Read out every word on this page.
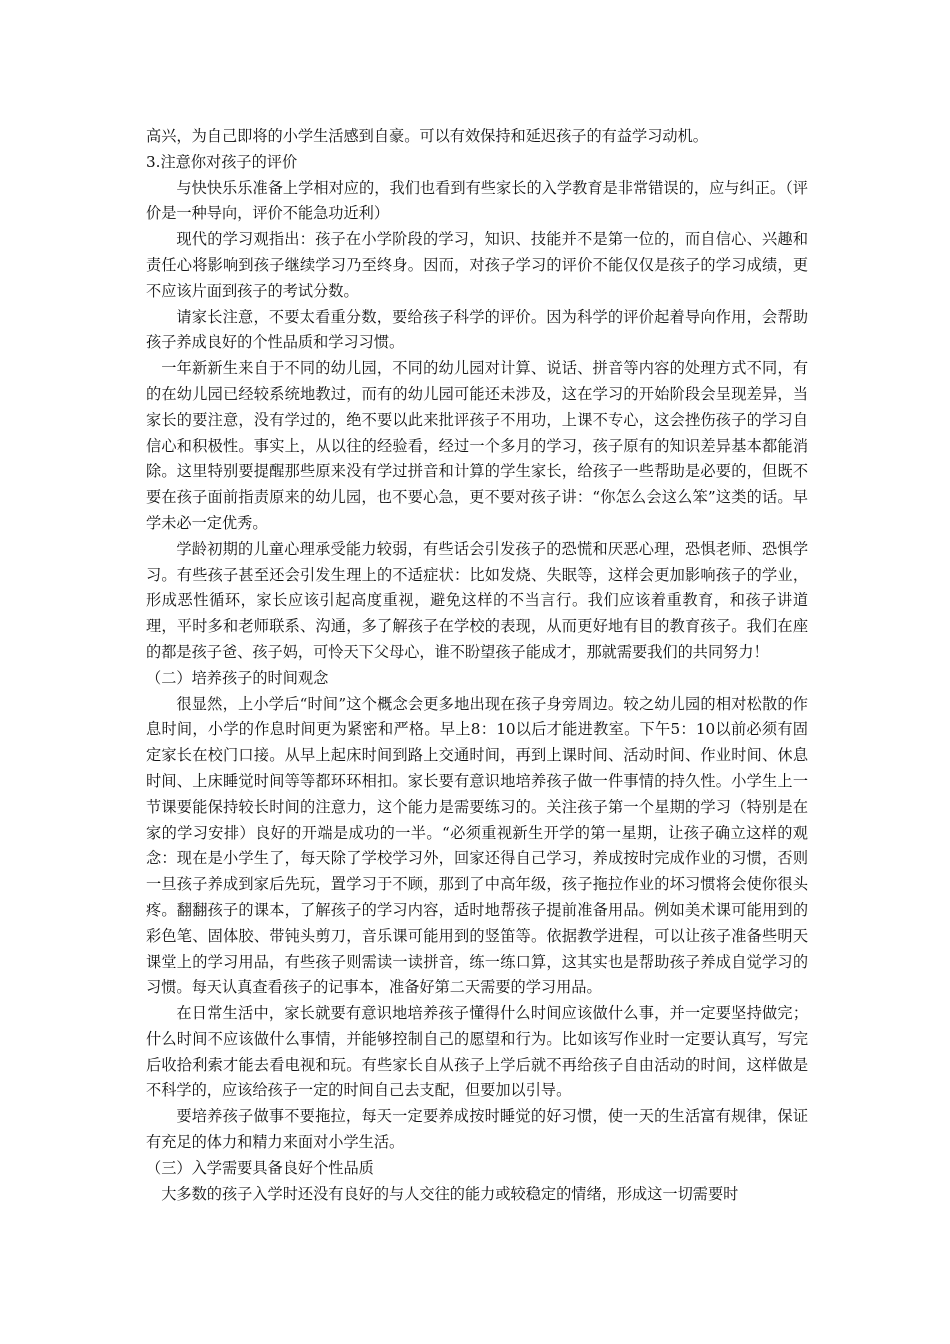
高兴，为自己即将的小学生活感到自豪。可以有效保持和延迟孩子的有益学习动机。

3.注意你对孩子的评价

与快快乐乐准备上学相对应的，我们也看到有些家长的入学教育是非常错误的，应与纠正。（评价是一种导向，评价不能急功近利）

现代的学习观指出：孩子在小学阶段的学习，知识、技能并不是第一位的，而自信心、兴趣和责任心将影响到孩子继续学习乃至终身。因而，对孩子学习的评价不能仅仅是孩子的学习成绩，更不应该片面到孩子的考试分数。

请家长注意，不要太看重分数，要给孩子科学的评价。因为科学的评价起着导向作用，会帮助孩子养成良好的个性品质和学习习惯。

一年新新生来自于不同的幼儿园，不同的幼儿园对计算、说话、拼音等内容的处理方式不同，有的在幼儿园已经较系统地教过，而有的幼儿园可能还未涉及，这在学习的开始阶段会呈现差异，当家长的要注意，没有学过的，绝不要以此来批评孩子不用功，上课不专心，这会挫伤孩子的学习自信心和积极性。事实上，从以往的经验看，经过一个多月的学习，孩子原有的知识差异基本都能消除。这里特别要提醒那些原来没有学过拼音和计算的学生家长，给孩子一些帮助是必要的，但既不要在孩子面前指责原来的幼儿园，也不要心急，更不要对孩子讲：“你怎么会这么笨”这类的话。早学未必一定优秀。

学龄初期的儿童心理承受能力较弱，有些话会引发孩子的恐慌和厌恶心理，恐惧老师、恐惧学习。有些孩子甚至还会引发生理上的不适症状：比如发烧、失眠等，这样会更加影响孩子的学业，形成恶性循环，家长应该引起高度重视，避免这样的不当言行。我们应该着重教育，和孩子讲道理，平时多和老师联系、沟通，多了解孩子在学校的表现，从而更好地有目的教育孩子。我们在座的都是孩子爸、孩子妈，可怜天下父母心，谁不盼望孩子能成才，那就需要我们的共同努力！

（二）培养孩子的时间观念

很显然，上小学后“时间”这个概念会更多地出现在孩子身旁周边。较之幼儿园的相对松散的作息时间，小学的作息时间更为紧密和严格。早上8：10以后才能进教室。下午5：10以前必须有固定家长在校门口接。从早上起床时间到路上交通时间，再到上课时间、活动时间、作业时间、休息时间、上床睡觉时间等等都环环相扣。家长要有意识地培养孩子做一件事情的持久性。小学生上一节课要能保持较长时间的注意力，这个能力是需要练习的。关注孩子第一个星期的学习（特别是在家的学习安排）良好的开端是成功的一半。“必须重视新生开学的第一星期，让孩子确立这样的观念：现在是小学生了，每天除了学校学习外，回家还得自己学习，养成按时完成作业的习惯，否则一旦孩子养成到家后先玩，置学习于不顾，那到了中高年级，孩子拖拉作业的坏习惯将会使你很头疼。翻翻孩子的课本，了解孩子的学习内容，适时地帮孩子提前准备用品。例如美术课可能用到的彩色笔、固体胶、带钝头剪刀，音乐课可能用到的竖笛等。依据教学进程，可以让孩子准备些明天课堂上的学习用品，有些孩子则需读一读拼音，练一练口算，这其实也是帮助孩子养成自觉学习的习惯。每天认真查看孩子的记事本，准备好第二天需要的学习用品。

在日常生活中，家长就要有意识地培养孩子懂得什么时间应该做什么事，并一定要坚持做完；什么时间不应该做什么事情，并能够控制自己的愿望和行为。比如该写作业时一定要认真写，写完后收拾利索才能去看电视和玩。有些家长自从孩子上学后就不再给孩子自由活动的时间，这样做是不科学的，应该给孩子一定的时间自己去支配，但要加以引导。

要培养孩子做事不要拖拉，每天一定要养成按时睡觉的好习惯，使一天的生活富有规律，保证有充足的体力和精力来面对小学生活。

（三）入学需要具备良好个性品质

大多数的孩子入学时还没有良好的与人交往的能力或较稳定的情绪，形成这一切需要时
